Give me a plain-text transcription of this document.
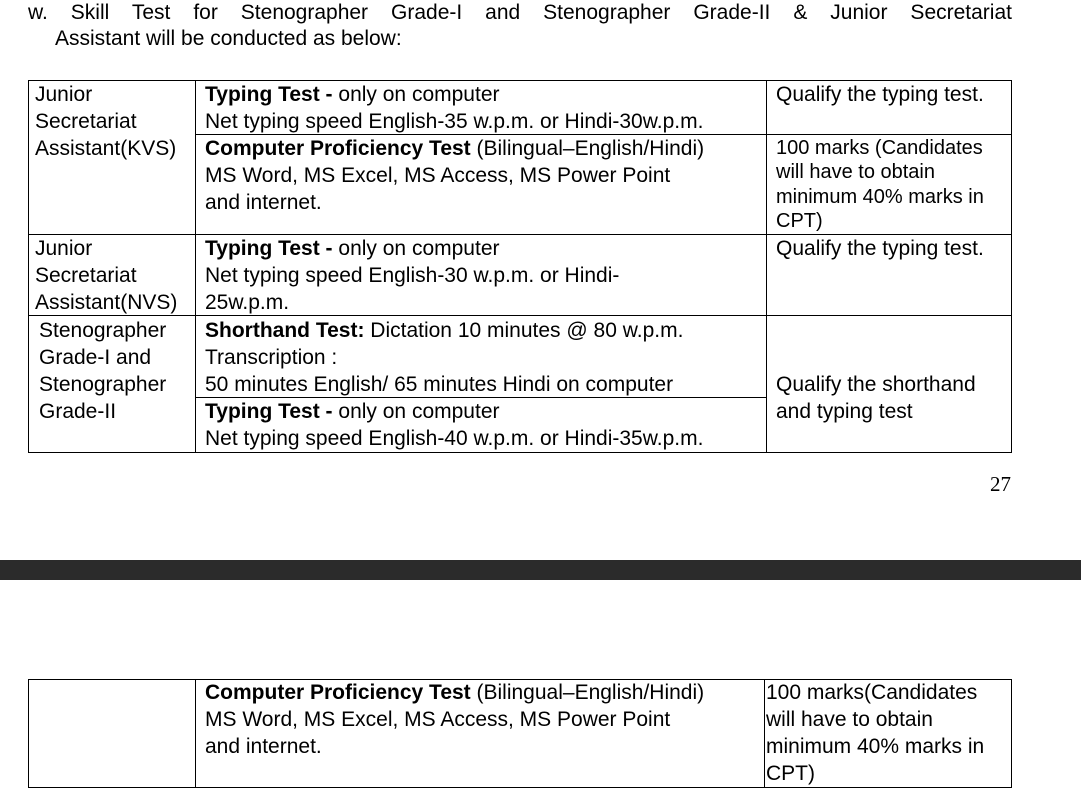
w. Skill Test for Stenographer Grade-I and Stenographer Grade-II & Junior Secretariat
Assistant will be conducted as below:
Junior
Secretariat
Assistant(KVS)
Typing Test - only on computer
Net typing speed English-35 w.p.m. or Hindi-30w.p.m.
Qualify the typing test.
Computer Proficiency Test (Bilingual–English/Hindi)
MS Word, MS Excel, MS Access, MS Power Point
and internet.
100 marks (Candidates
will have to obtain
minimum 40% marks in
CPT)
Junior
Secretariat
Assistant(NVS)
Typing Test - only on computer
Net typing speed English-30 w.p.m. or Hindi-
25w.p.m.
Qualify the typing test.
Stenographer
Grade-I and
Stenographer
Grade-II
Shorthand Test: Dictation 10 minutes @ 80 w.p.m.
Transcription :
50 minutes English/ 65 minutes Hindi on computer
Typing Test - only on computer
Net typing speed English-40 w.p.m. or Hindi-35w.p.m.
Qualify the shorthand
and typing test
27
Computer Proficiency Test (Bilingual–English/Hindi)
MS Word, MS Excel, MS Access, MS Power Point
and internet.
100 marks(Candidates
will have to obtain
minimum 40% marks in
CPT)
